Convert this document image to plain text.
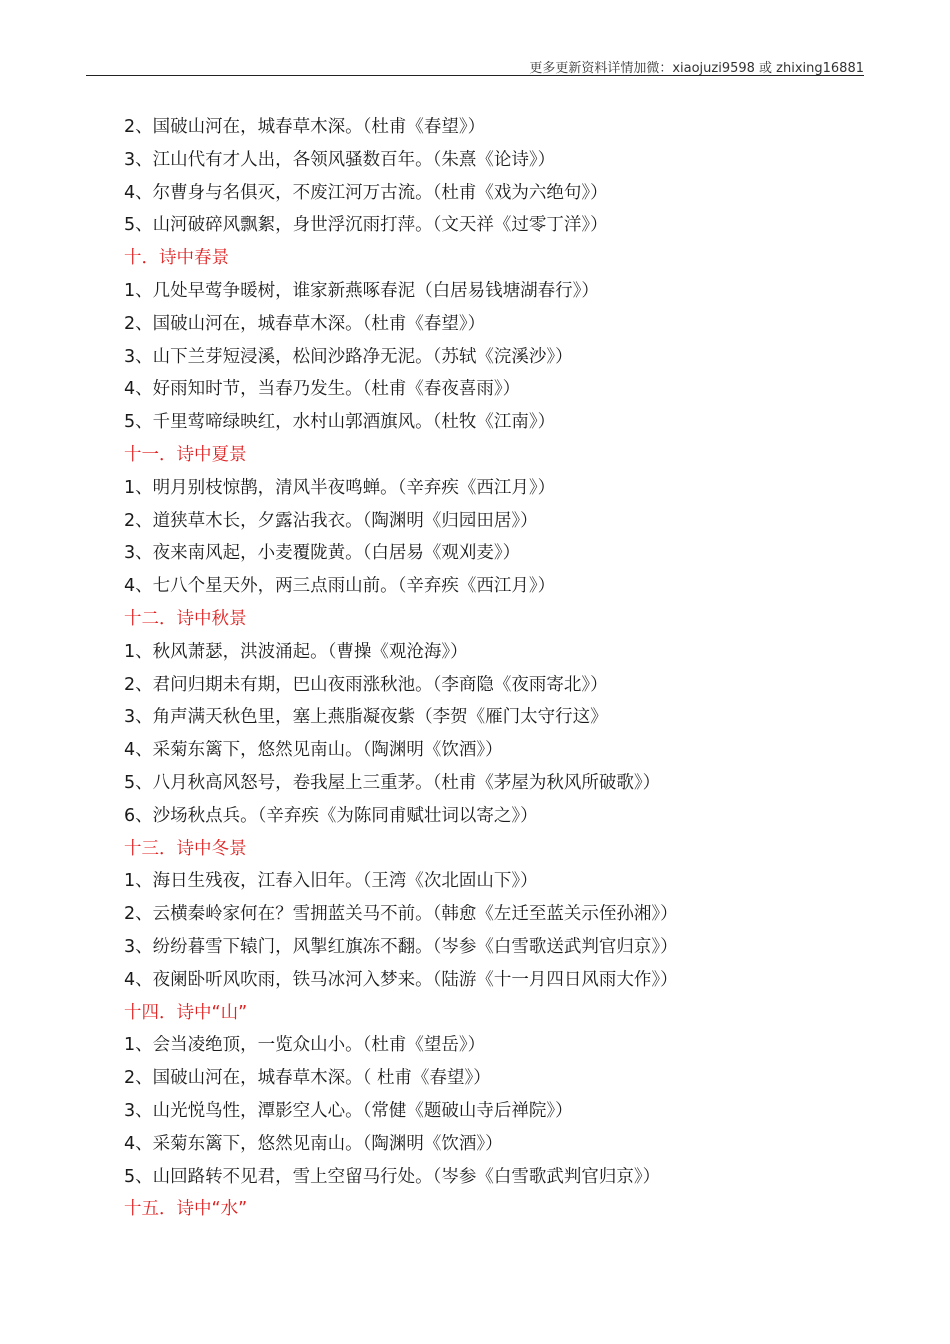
更多更新资料详情加微：xiaojuzi9598 或 zhixing16881
2、国破山河在，城春草木深。（杜甫《春望》）
3、江山代有才人出，各领风骚数百年。（朱熹《论诗》）
4、尔曹身与名俱灭，不废江河万古流。（杜甫《戏为六绝句》）
5、山河破碎风飘絮，身世浮沉雨打萍。（文天祥《过零丁洋》）
十．诗中春景
1、几处早莺争暖树，谁家新燕啄春泥（白居易钱塘湖春行》）
2、国破山河在，城春草木深。（杜甫《春望》）
3、山下兰芽短浸溪，松间沙路净无泥。（苏轼《浣溪沙》）
4、好雨知时节，当春乃发生。（杜甫《春夜喜雨》）
5、千里莺啼绿映红，水村山郭酒旗风。（杜牧《江南》）
十一．诗中夏景
1、明月别枝惊鹊，清风半夜鸣蝉。（辛弃疾《西江月》）
2、道狭草木长，夕露沾我衣。（陶渊明《归园田居》）
3、夜来南风起，小麦覆陇黄。（白居易《观刈麦》）
4、七八个星天外，两三点雨山前。（辛弃疾《西江月》）
十二．诗中秋景
1、秋风萧瑟，洪波涌起。（曹操《观沧海》）
2、君问归期未有期，巴山夜雨涨秋池。（李商隐《夜雨寄北》）
3、角声满天秋色里，塞上燕脂凝夜紫（李贺《雁门太守行这》
4、采菊东篱下，悠然见南山。（陶渊明《饮酒》）
5、八月秋高风怒号，卷我屋上三重茅。（杜甫《茅屋为秋风所破歌》）
6、沙场秋点兵。（辛弃疾《为陈同甫赋壮词以寄之》）
十三．诗中冬景
1、海日生残夜，江春入旧年。（王湾《次北固山下》）
2、云横秦岭家何在？雪拥蓝关马不前。（韩愈《左迁至蓝关示侄孙湘》）
3、纷纷暮雪下辕门，风掣红旗冻不翻。（岑参《白雪歌送武判官归京》）
4、夜阑卧听风吹雨，铁马冰河入梦来。（陆游《十一月四日风雨大作》）
十四．诗中“山”
1、会当凌绝顶，一览众山小。（杜甫《望岳》）
2、国破山河在，城春草木深。（ 杜甫《春望》）
3、山光悦鸟性，潭影空人心。（常健《题破山寺后禅院》）
4、采菊东篱下，悠然见南山。（陶渊明《饮酒》）
5、山回路转不见君，雪上空留马行处。（岑参《白雪歌武判官归京》）
十五．诗中“水”
